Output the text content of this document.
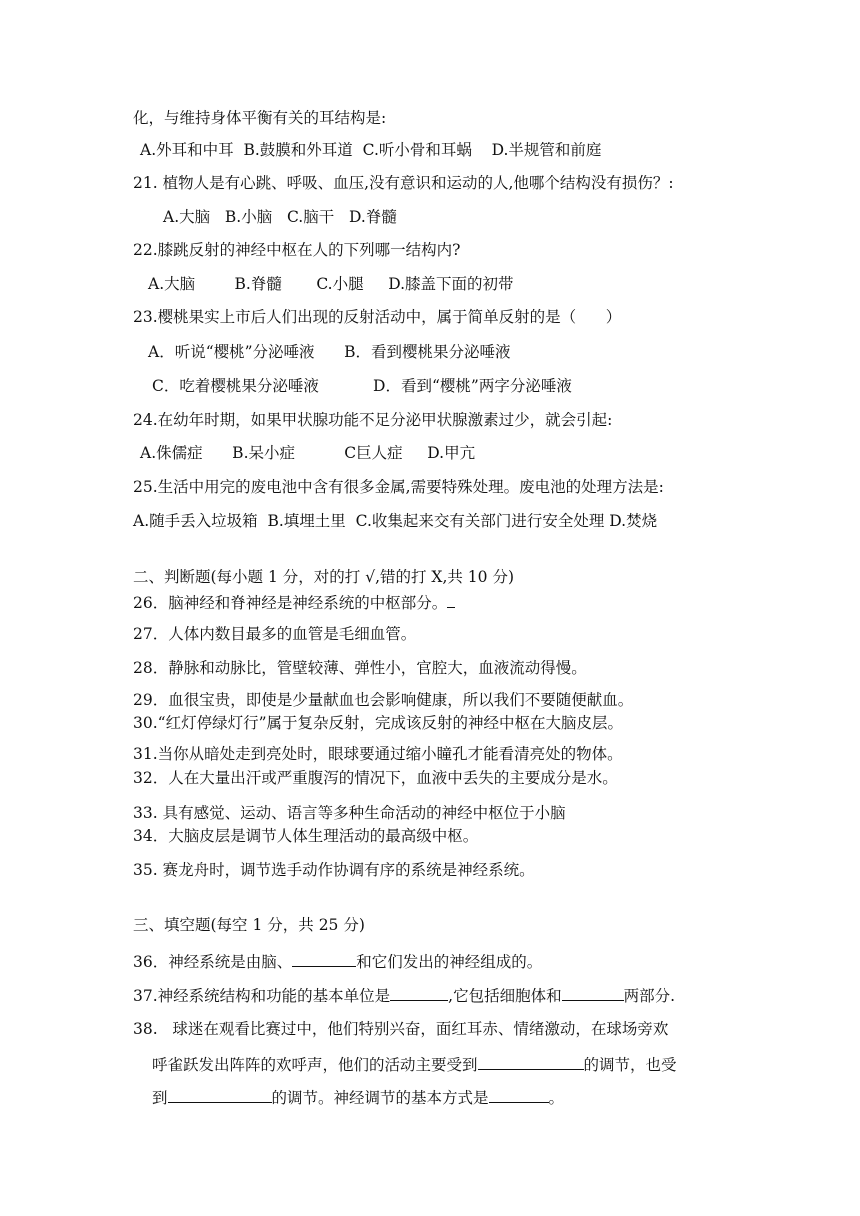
化，与维持身体平衡有关的耳结构是:
A.外耳和中耳  B.鼓膜和外耳道  C.听小骨和耳蜗    D.半规管和前庭
21. 植物人是有心跳、呼吸、血压,没有意识和运动的人,他哪个结构没有损伤？:
A.大脑   B.小脑   C.脑干   D.脊髓
22.膝跳反射的神经中枢在人的下列哪一结构内?
A.大脑        B.脊髓       C.小腿     D.膝盖下面的初带
23.樱桃果实上市后人们出现的反射活动中，属于简单反射的是（      ）
A．听说“樱桃”分泌唾液      B．看到樱桃果分泌唾液
C．吃着樱桃果分泌唾液           D．看到“樱桃”两字分泌唾液
24.在幼年时期，如果甲状腺功能不足分泌甲状腺激素过少，就会引起:
A.侏儒症      B.呆小症          C巨人症     D.甲亢
25.生活中用完的废电池中含有很多金属,需要特殊处理。废电池的处理方法是:
A.随手丢入垃圾箱  B.填埋土里  C.收集起来交有关部门进行安全处理 D.焚烧
二、判断题(每小题 1 分，对的打 √,错的打 X,共 10 分)
26．脑神经和脊神经是神经系统的中枢部分。
27．人体内数目最多的血管是毛细血管。
28．静脉和动脉比，管壁较薄、弹性小，官腔大，血液流动得慢。
29．血很宝贵，即使是少量献血也会影响健康，所以我们不要随便献血。
30.“红灯停绿灯行”属于复杂反射，完成该反射的神经中枢在大脑皮层。
31.当你从暗处走到亮处时，眼球要通过缩小瞳孔才能看清亮处的物体。
32．人在大量出汗或严重腹泻的情况下，血液中丢失的主要成分是水。
33. 具有感觉、运动、语言等多种生命活动的神经中枢位于小脑
34．大脑皮层是调节人体生理活动的最高级中枢。
35. 赛龙舟时，调节选手动作协调有序的系统是神经系统。
三、填空题(每空 1 分，共 25 分)
36．神经系统是由脑、	和它们发出的神经组成的。
37.神经系统结构和功能的基本单位是	,它包括细胞体和	两部分.
38.   球迷在观看比赛过中，他们特别兴奋，面红耳赤、情绪激动，在球场旁欢
呼雀跃发出阵阵的欢呼声，他们的活动主要受到	的调节，也受
到	的调节。神经调节的基本方式是	。
